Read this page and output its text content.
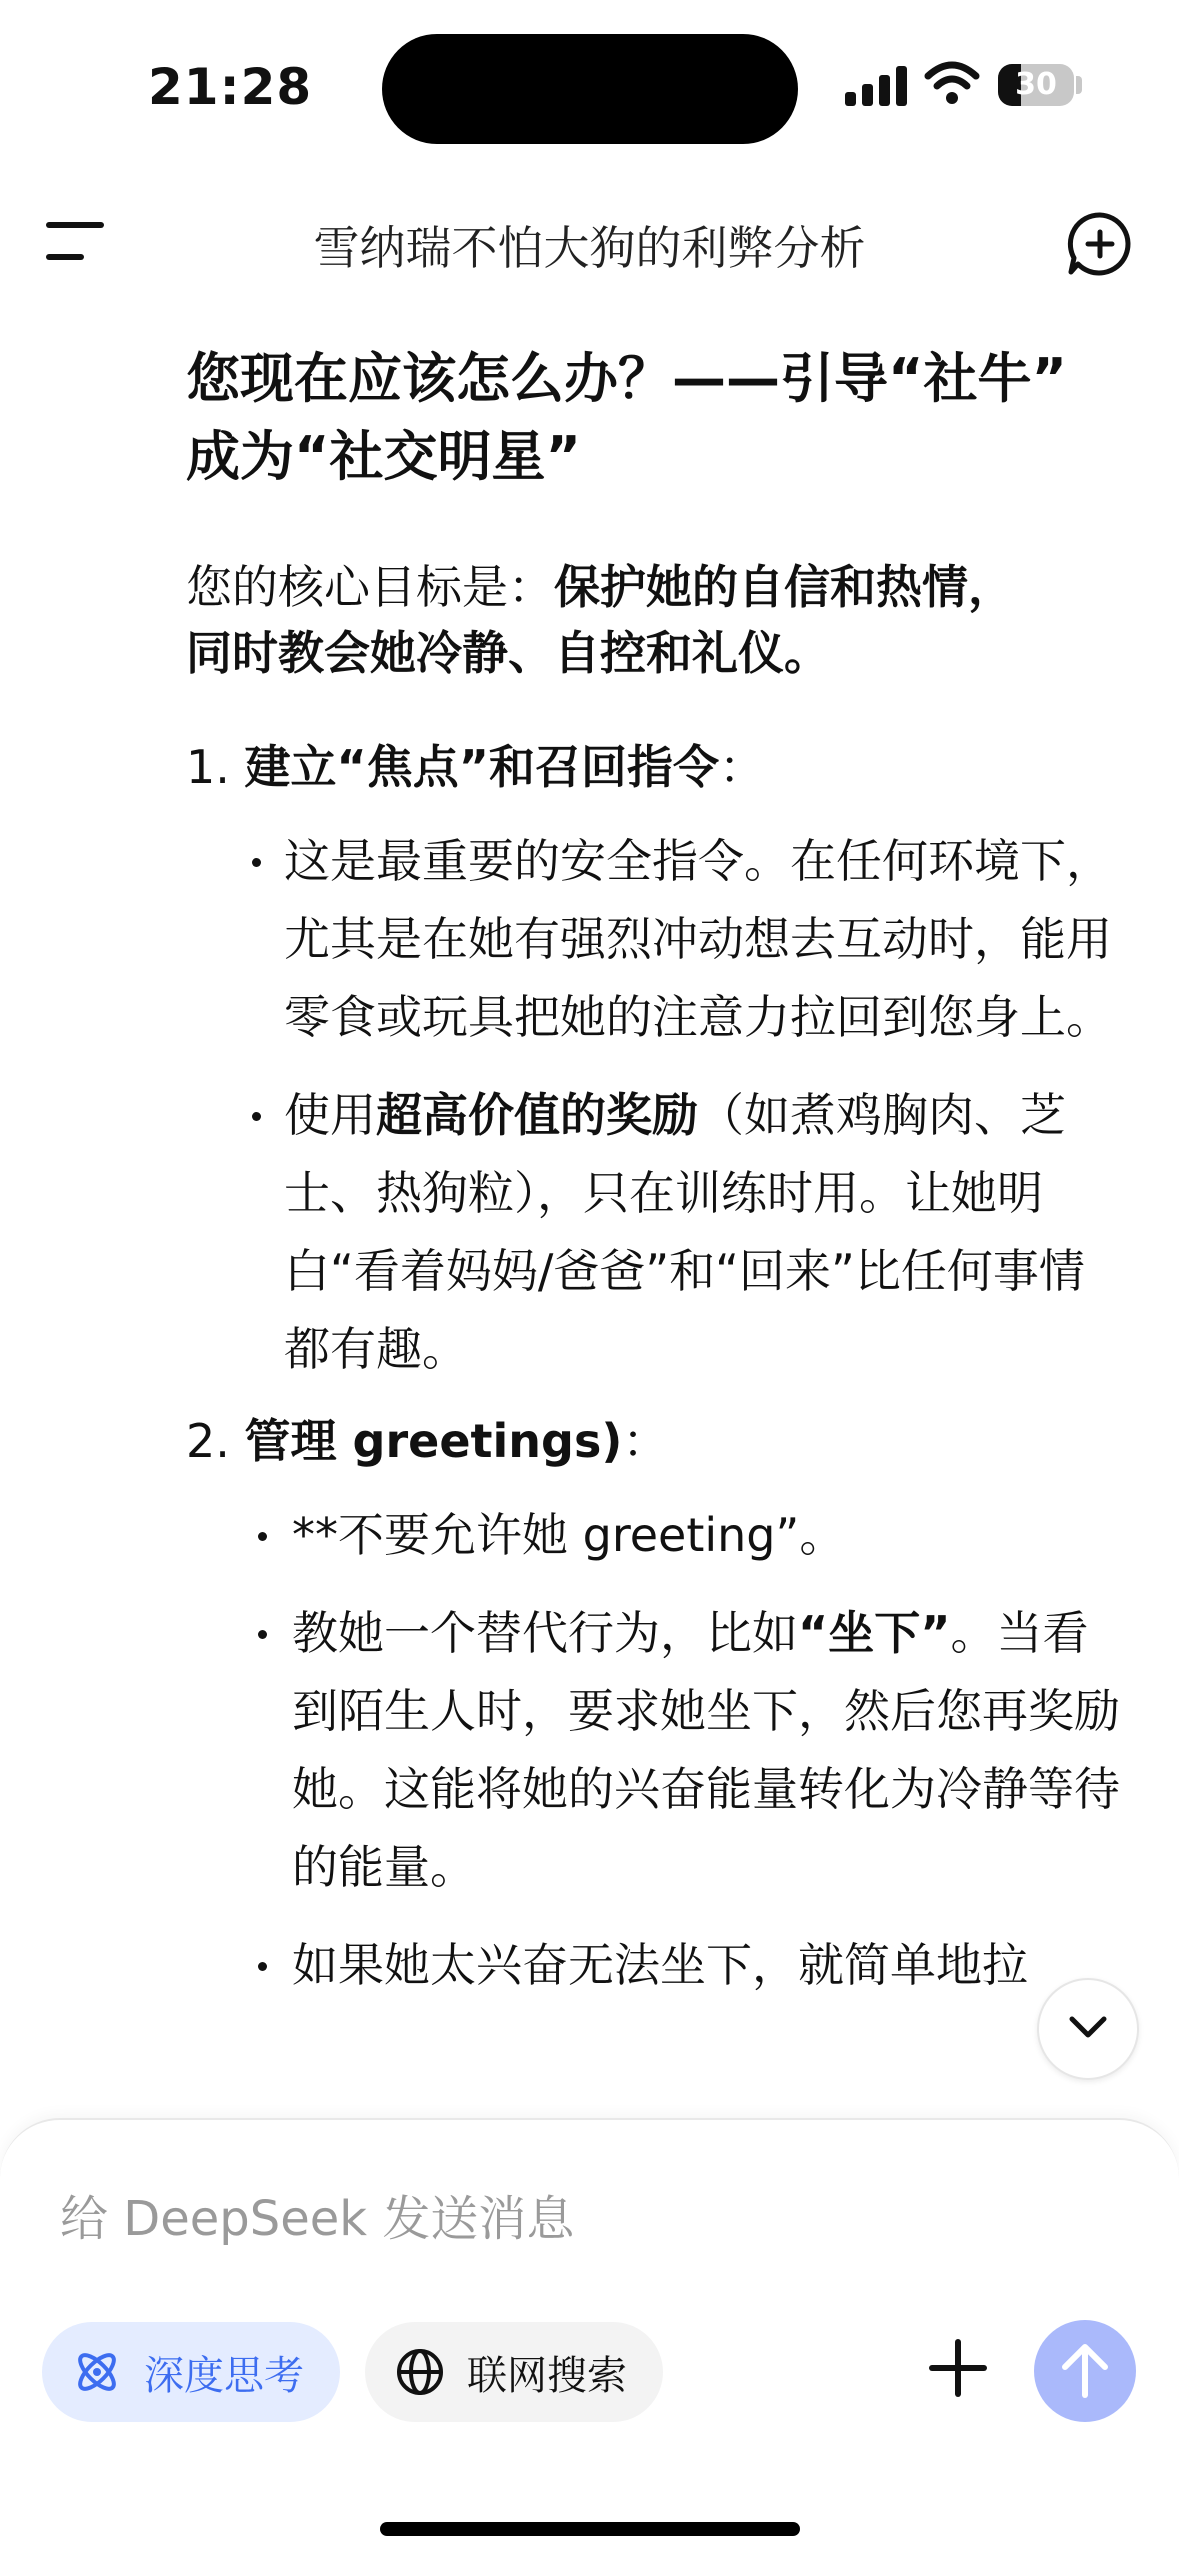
21:28	30
雪纳瑞不怕大狗的利弊分析
您现在应该怎么办？——引导“社牛”
成为“社交明星”
您的核心目标是：保护她的自信和热情，
同时教会她冷静、自控和礼仪。
1. 建立“焦点”和召回指令：
这是最重要的安全指令。在任何环境下，尤其是在她有强烈冲动想去互动时，能用零食或玩具把她的注意力拉回到您身上。
使用超高价值的奖励（如煮鸡胸肉、芝士、热狗粒），只在训练时用。让她明白“看着妈妈/爸爸”和“回来”比任何事情都有趣。
2. 管理 greetings)：
**不要允许她 greeting”。
教她一个替代行为，比如“坐下”。当看到陌生人时，要求她坐下，然后您再奖励她。这能将她的兴奋能量转化为冷静等待的能量。
如果她太兴奋无法坐下，就简单地拉
给 DeepSeek 发送消息
深度思考	联网搜索
